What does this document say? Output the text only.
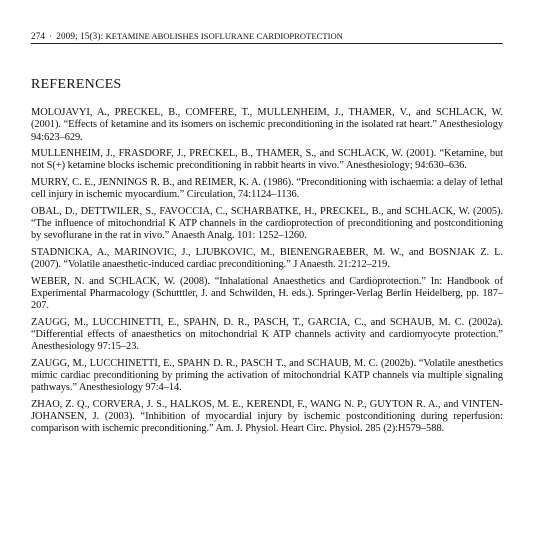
274 · 2009; 15(3): KETAMINE ABOLISHES ISOFLURANE CARDIOPROTECTION
REFERENCES
MOLOJAVYI, A., PRECKEL, B., COMFERE, T., MULLENHEIM, J., THAMER, V., and SCHLACK, W. (2001). “Effects of ketamine and its isomers on ischemic preconditioning in the isolated rat heart.” Anesthesiology 94:623–629.
MULLENHEIM, J., FRASDORF, J., PRECKEL, B., THAMER, S., and SCHLACK, W. (2001). “Ketamine, but not S(+) ketamine blocks ischemic preconditioning in rabbit hearts in vivo.” Anesthesiology; 94:630–636.
MURRY, C. E., JENNINGS R. B., and REIMER, K. A. (1986). “Preconditioning with ischaemia: a delay of lethal cell injury in ischemic myocardium.” Circulation, 74:1124–1136.
OBAL, D., DETTWILER, S., FAVOCCIA, C., SCHARBATKE, H., PRECKEL, B., and SCHLACK, W. (2005). “The influence of mitochondrial K ATP channels in the cardioprotection of preconditioning and postconditioning by sevoflurane in the rat in vivo.” Anaesth Analg. 101: 1252–1260.
STADNICKA, A., MARINOVIC, J., LJUBKOVIC, M., BIENENGRAEBER, M. W., and BOSNJAK Z. L. (2007). “Volatile anaesthetic-induced cardiac preconditioning.” J Anaesth. 21:212–219.
WEBER, N. and SCHLACK, W. (2008). “Inhalational Anaesthetics and Cardioprotection.” In: Handbook of Experimental Pharmacology (Schutttler, J. and Schwilden, H. eds.). Springer-Verlag Berlin Heidelberg, pp. 187–207.
ZAUGG, M., LUCCHINETTI, E., SPAHN, D. R., PASCH, T., GARCIA, C., and SCHAUB, M. C. (2002a). “Differential effects of anaesthetics on mitochondrial K ATP channels activity and cardiomyocyte protection.” Anesthesiology 97:15–23.
ZAUGG, M., LUCCHINETTI, E., SPAHN D. R., PASCH T., and SCHAUB, M. C. (2002b). “Volatile anesthetics mimic cardiac preconditioning by priming the activation of mitochondrial KATP channels via multiple signaling pathways.” Anesthesiology 97:4–14.
ZHAO, Z. Q., CORVERA, J. S., HALKOS, M. E., KERENDI, F., WANG N. P., GUYTON R. A., and VINTEN-JOHANSEN, J. (2003). “Inhibition of myocardial injury by ischemic postconditioning during reperfusion: comparison with ischemic preconditioning.” Am. J. Physiol. Heart Circ. Physiol. 285 (2):H579–588.
